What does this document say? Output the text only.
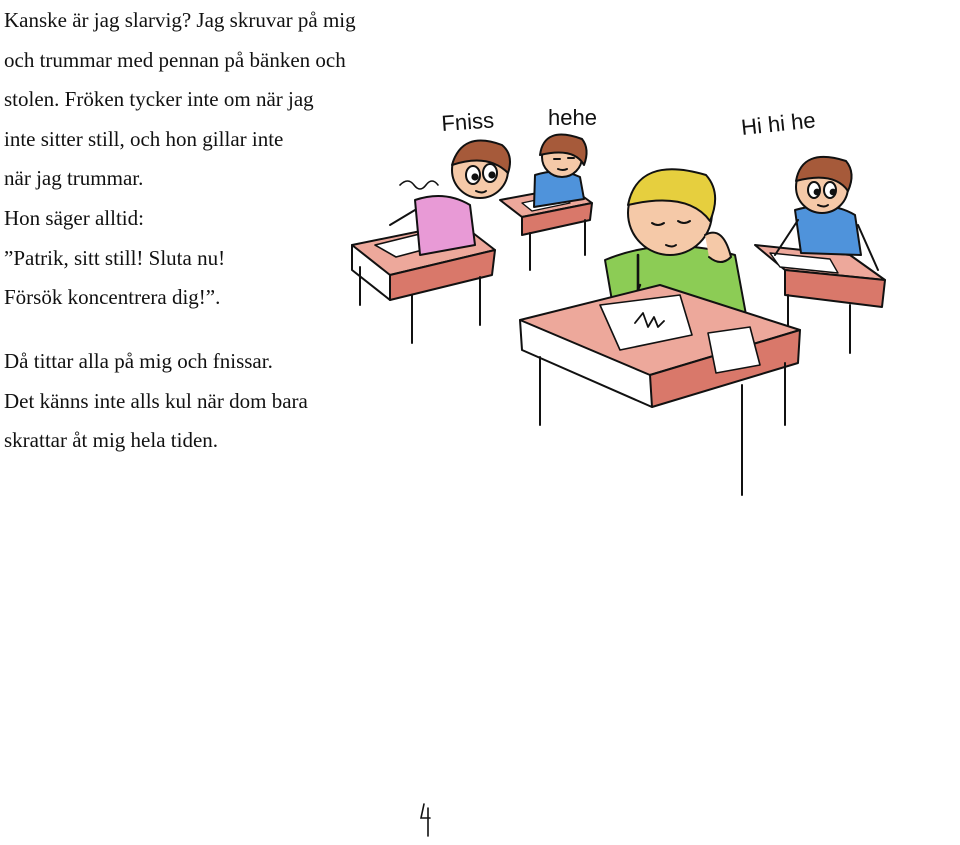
Kanske är jag slarvig? Jag skruvar på mig
och trummar med pennan på bänken och
stolen. Fröken tycker inte om när jag
inte sitter still, och hon gillar inte
när jag trummar.
Hon säger alltid:
”Patrik, sitt still! Sluta nu!
Försök koncentrera dig!”.
Då tittar alla på mig och fnissar.
Det känns inte alls kul när dom bara
skrattar åt mig hela tiden.
Fniss hehe	Hi hi he
